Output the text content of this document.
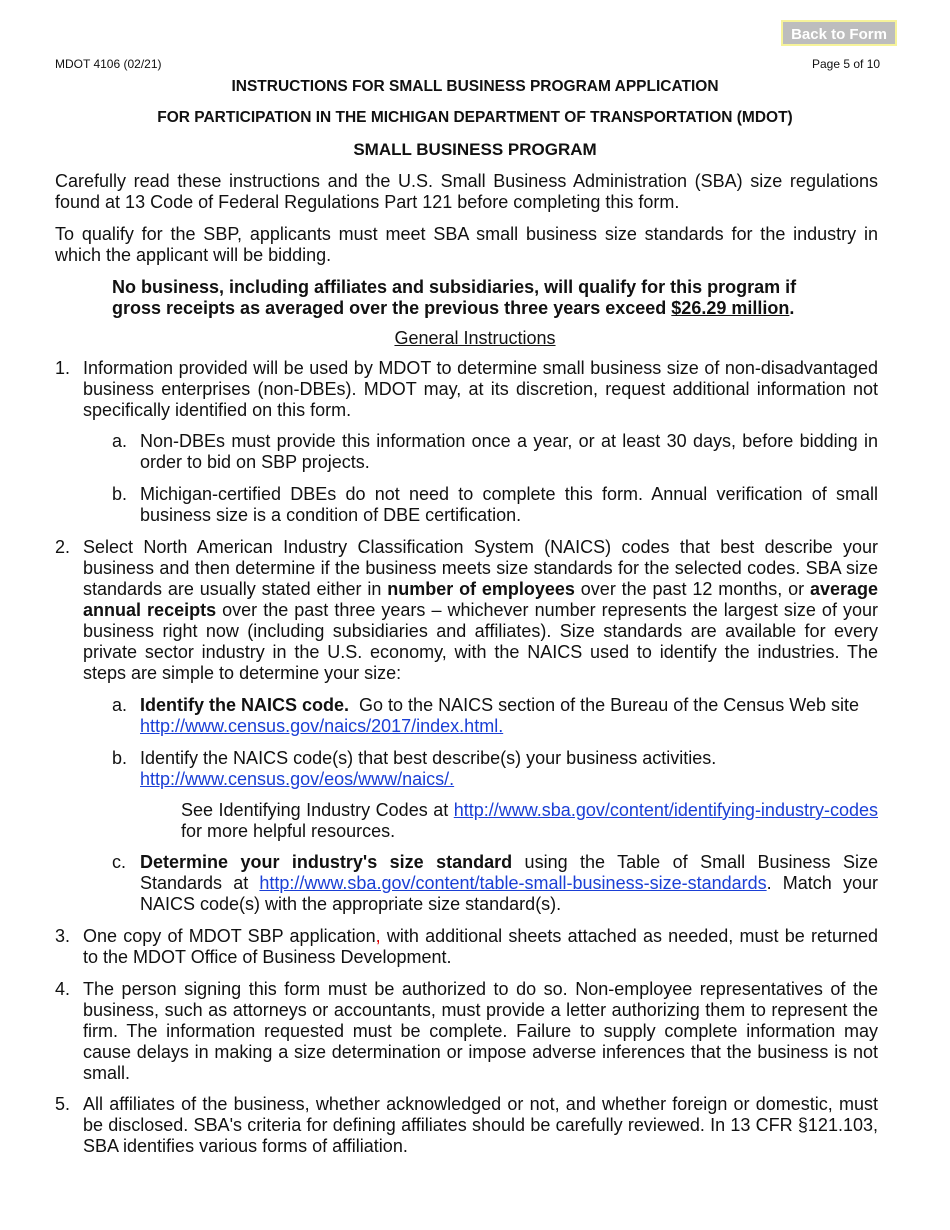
MDOT 4106 (02/21)	Page 5 of 10
Back to Form
INSTRUCTIONS FOR SMALL BUSINESS PROGRAM APPLICATION
FOR PARTICIPATION IN THE MICHIGAN DEPARTMENT OF TRANSPORTATION (MDOT)
SMALL BUSINESS PROGRAM
Carefully read these instructions and the U.S. Small Business Administration (SBA) size regulations found at 13 Code of Federal Regulations Part 121 before completing this form.
To qualify for the SBP, applicants must meet SBA small business size standards for the industry in which the applicant will be bidding.
No business, including affiliates and subsidiaries, will qualify for this program if gross receipts as averaged over the previous three years exceed $26.29 million.
General Instructions
1. Information provided will be used by MDOT to determine small business size of non-disadvantaged business enterprises (non-DBEs). MDOT may, at its discretion, request additional information not specifically identified on this form.
a. Non-DBEs must provide this information once a year, or at least 30 days, before bidding in order to bid on SBP projects.
b. Michigan-certified DBEs do not need to complete this form. Annual verification of small business size is a condition of DBE certification.
2. Select North American Industry Classification System (NAICS) codes that best describe your business and then determine if the business meets size standards for the selected codes. SBA size standards are usually stated either in number of employees over the past 12 months, or average annual receipts over the past three years – whichever number represents the largest size of your business right now (including subsidiaries and affiliates). Size standards are available for every private sector industry in the U.S. economy, with the NAICS used to identify the industries. The steps are simple to determine your size:
a. Identify the NAICS code.  Go to the NAICS section of the Bureau of the Census Web site http://www.census.gov/naics/2017/index.html.
b. Identify the NAICS code(s) that best describe(s) your business activities.
http://www.census.gov/eos/www/naics/.
See Identifying Industry Codes at http://www.sba.gov/content/identifying-industry-codes for more helpful resources.
c. Determine your industry's size standard using the Table of Small Business Size Standards at http://www.sba.gov/content/table-small-business-size-standards. Match your NAICS code(s) with the appropriate size standard(s).
3. One copy of MDOT SBP application, with additional sheets attached as needed, must be returned to the MDOT Office of Business Development.
4. The person signing this form must be authorized to do so. Non-employee representatives of the business, such as attorneys or accountants, must provide a letter authorizing them to represent the firm. The information requested must be complete. Failure to supply complete information may cause delays in making a size determination or impose adverse inferences that the business is not small.
5. All affiliates of the business, whether acknowledged or not, and whether foreign or domestic, must be disclosed. SBA's criteria for defining affiliates should be carefully reviewed. In 13 CFR §121.103, SBA identifies various forms of affiliation.
